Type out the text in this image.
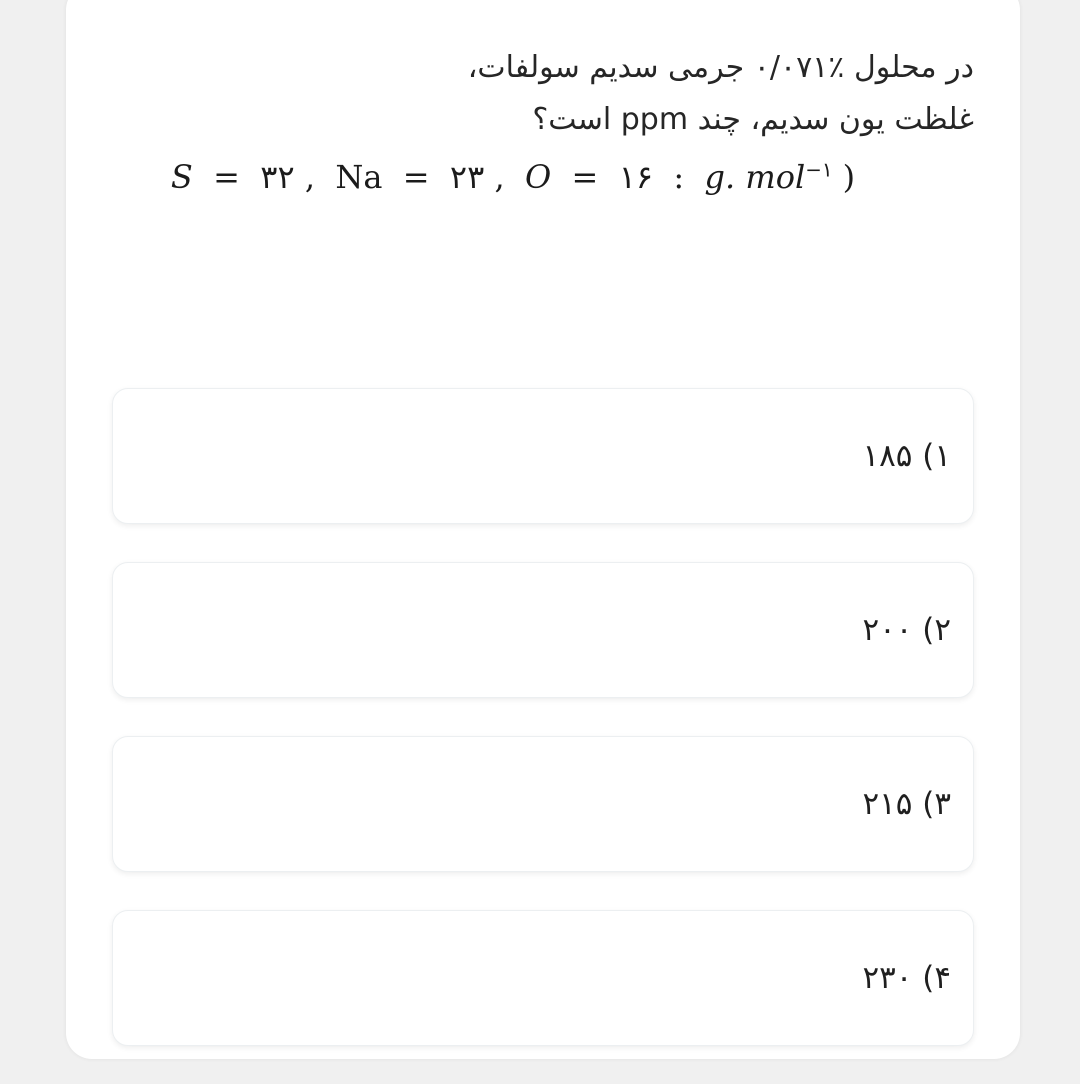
در محلول ٪٠/٠٧١ جرمی سدیم سولفات،
غلظت یون سدیم، چند ppm است؟
S  =  ٣٢ ,  Na  =  ٢٣ ,  O  =  ١۶  :  g. mol$^{-١}$ )
١) ١٨۵
٢) ٢٠٠
٣) ٢١۵
۴) ٢٣٠
